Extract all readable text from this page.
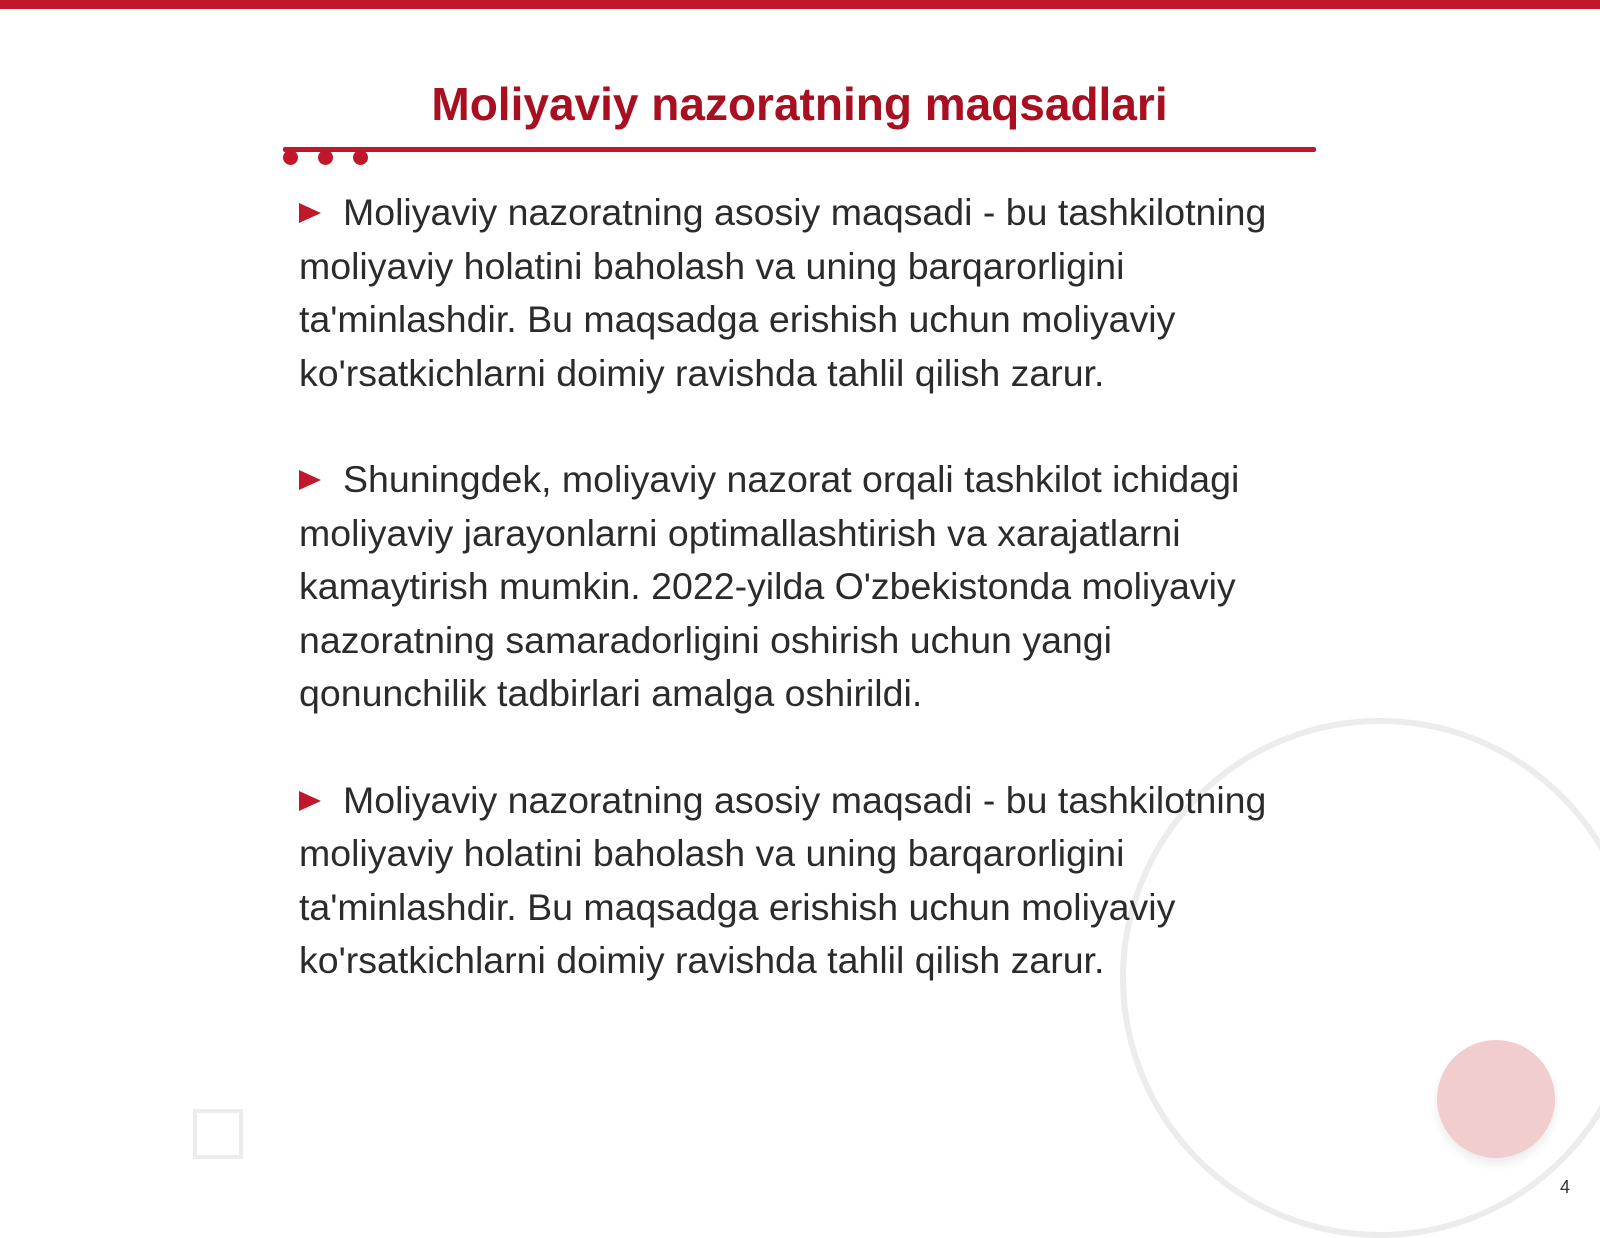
Moliyaviy nazoratning maqsadlari

Moliyaviy nazoratning asosiy maqsadi - bu tashkilotning moliyaviy holatini baholash va uning barqarorligini ta'minlashdir. Bu maqsadga erishish uchun moliyaviy ko'rsatkichlarni doimiy ravishda tahlil qilish zarur.

Shuningdek, moliyaviy nazorat orqali tashkilot ichidagi moliyaviy jarayonlarni optimallashtirish va xarajatlarni kamaytirish mumkin. 2022-yilda O'zbekistonda moliyaviy nazoratning samaradorligini oshirish uchun yangi qonunchilik tadbirlari amalga oshirildi.

Moliyaviy nazoratning asosiy maqsadi - bu tashkilotning moliyaviy holatini baholash va uning barqarorligini ta'minlashdir. Bu maqsadga erishish uchun moliyaviy ko'rsatkichlarni doimiy ravishda tahlil qilish zarur.

4
